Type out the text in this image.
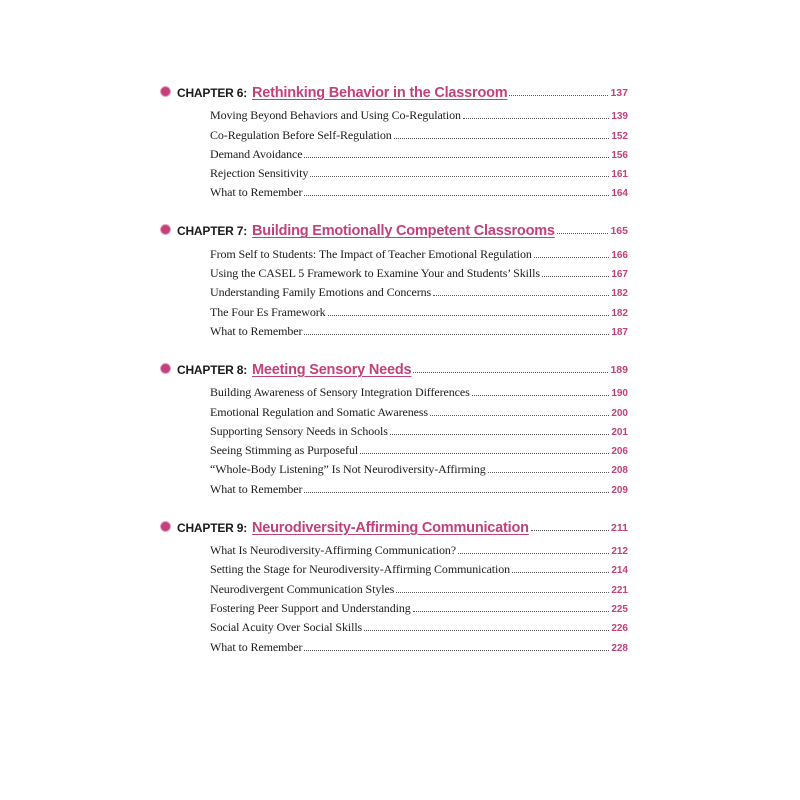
CHAPTER 6 : Rethinking Behavior in the Classroom	137
Moving Beyond Behaviors and Using Co-Regulation	139
Co-Regulation Before Self-Regulation	152
Demand Avoidance	156
Rejection Sensitivity	161
What to Remember	164
CHAPTER 7 : Building Emotionally Competent Classrooms	165
From Self to Students: The Impact of Teacher Emotional Regulation	166
Using the CASEL 5 Framework to Examine Your and Students’ Skills	167
Understanding Family Emotions and Concerns	182
The Four Es Framework	182
What to Remember	187
CHAPTER 8 : Meeting Sensory Needs	189
Building Awareness of Sensory Integration Differences	190
Emotional Regulation and Somatic Awareness	200
Supporting Sensory Needs in Schools	201
Seeing Stimming as Purposeful	206
“Whole-Body Listening” Is Not Neurodiversity-Affirming	208
What to Remember	209
CHAPTER 9 : Neurodiversity-Affirming Communication	211
What Is Neurodiversity-Affirming Communication?	212
Setting the Stage for Neurodiversity-Affirming Communication	214
Neurodivergent Communication Styles	221
Fostering Peer Support and Understanding	225
Social Acuity Over Social Skills	226
What to Remember	228
